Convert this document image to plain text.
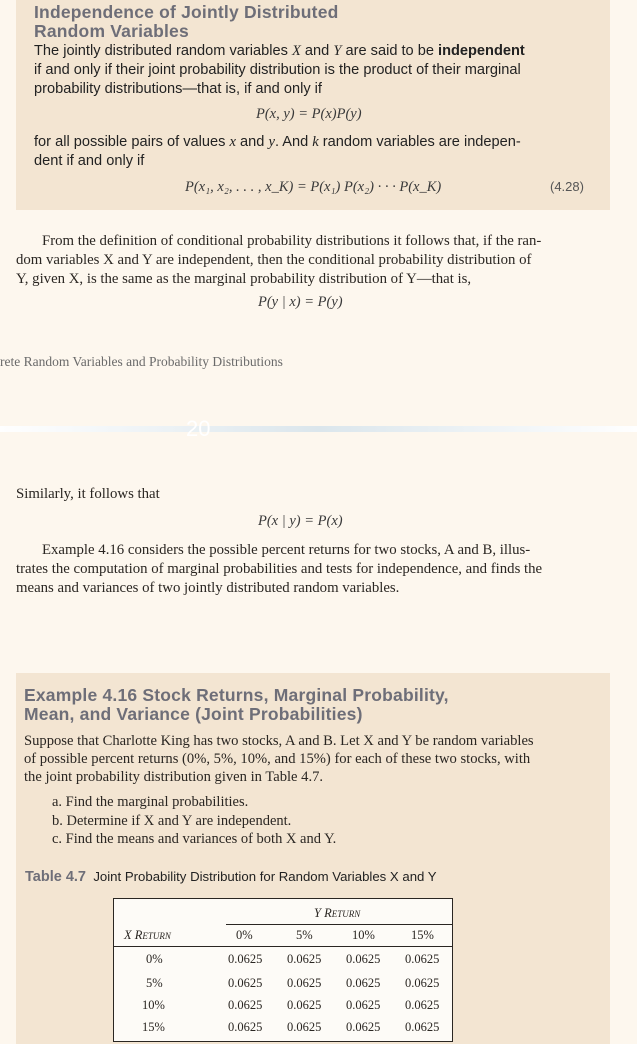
Independence of Jointly Distributed
Random Variables
The jointly distributed random variables X and Y are said to be independent
if and only if their joint probability distribution is the product of their marginal
probability distributions—that is, if and only if
P(x, y) = P(x)P(y)
for all possible pairs of values x and y. And k random variables are indepen-
dent if and only if
P(x₁, x₂, . . . , x_K) = P(x₁) P(x₂) · · · P(x_K)	(4.28)
From the definition of conditional probability distributions it follows that, if the ran-
dom variables X and Y are independent, then the conditional probability distribution of
Y, given X, is the same as the marginal probability distribution of Y—that is,
P(y | x) = P(y)
rete Random Variables and Probability Distributions
20
Similarly, it follows that
P(x | y) = P(x)
Example 4.16 considers the possible percent returns for two stocks, A and B, illus-
trates the computation of marginal probabilities and tests for independence, and finds the
means and variances of two jointly distributed random variables.
Example 4.16 Stock Returns, Marginal Probability,
Mean, and Variance (Joint Probabilities)
Suppose that Charlotte King has two stocks, A and B. Let X and Y be random variables
of possible percent returns (0%, 5%, 10%, and 15%) for each of these two stocks, with
the joint probability distribution given in Table 4.7.
a. Find the marginal probabilities.
b. Determine if X and Y are independent.
c. Find the means and variances of both X and Y.
Table 4.7 Joint Probability Distribution for Random Variables X and Y
Y Return
X Return	0%	5%	10%	15%
0%	0.0625 0.0625 0.0625 0.0625
5%	0.0625 0.0625 0.0625 0.0625
10%	0.0625 0.0625 0.0625 0.0625
15%	0.0625 0.0625 0.0625 0.0625
